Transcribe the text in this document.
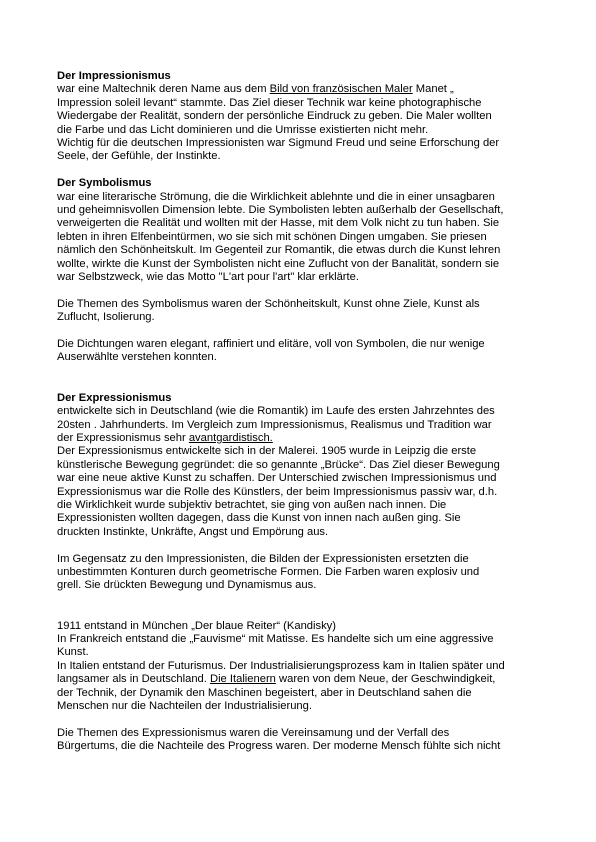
Der Impressionismus
war eine Maltechnik deren Name aus dem Bild von französischen Maler Manet „
Impression soleil levant“ stammte. Das Ziel dieser Technik war keine photographische
Wiedergabe der Realität, sondern der persönliche Eindruck zu geben. Die Maler wollten
die Farbe und das Licht dominieren und die Umrisse existierten nicht mehr.
Wichtig für die deutschen Impressionisten war Sigmund Freud und seine Erforschung der
Seele, der Gefühle, der Instinkte.
Der Symbolismus
war eine literarische Strömung, die die Wirklichkeit ablehnte und die in einer unsagbaren
und geheimnisvollen Dimension lebte. Die Symbolisten lebten außerhalb der Gesellschaft,
verweigerten die Realität und wollten mit der Hasse, mit dem Volk nicht zu tun haben. Sie
lebten in ihren Elfenbeintürmen, wo sie sich mit schönen Dingen umgaben. Sie priesen
nämlich den Schönheitskult. Im Gegenteil zur Romantik, die etwas durch die Kunst lehren
wollte, wirkte die Kunst der Symbolisten nicht eine Zuflucht von der Banalität, sondern sie
war Selbstzweck, wie das Motto "L'art pour l'art" klar erklärte.
Die Themen des Symbolismus waren der Schönheitskult, Kunst ohne Ziele, Kunst als
Zuflucht, Isolierung.
Die Dichtungen waren elegant, raffiniert und elitäre, voll von Symbolen, die nur wenige
Auserwählte verstehen konnten.
Der Expressionismus
entwickelte sich in Deutschland (wie die Romantik) im Laufe des ersten Jahrzehntes des
20sten . Jahrhunderts. Im Vergleich zum Impressionismus, Realismus und Tradition war
der Expressionismus sehr avantgardistisch.
Der Expressionismus entwickelte sich in der Malerei. 1905 wurde in Leipzig die erste
künstlerische Bewegung gegründet: die so genannte „Brücke“. Das Ziel dieser Bewegung
war eine neue aktive Kunst zu schaffen. Der Unterschied zwischen Impressionismus und
Expressionismus war die Rolle des Künstlers, der beim Impressionismus passiv war, d.h.
die Wirklichkeit wurde subjektiv betrachtet, sie ging von außen nach innen. Die
Expressionisten wollten dagegen, dass die Kunst von innen nach außen ging. Sie
druckten Instinkte, Unkräfte, Angst und Empörung aus.
Im Gegensatz zu den Impressionisten, die Bilden der Expressionisten ersetzten die
unbestimmten Konturen durch geometrische Formen. Die Farben waren explosiv und
grell. Sie drückten Bewegung und Dynamismus aus.
1911 entstand in München „Der blaue Reiter“ (Kandisky)
In Frankreich entstand die „Fauvisme“ mit Matisse. Es handelte sich um eine aggressive
Kunst.
In Italien entstand der Futurismus. Der Industrialisierungsprozess kam in Italien später und
langsamer als in Deutschland. Die Italienern waren von dem Neue, der Geschwindigkeit,
der Technik, der Dynamik den Maschinen begeistert, aber in Deutschland sahen die
Menschen nur die Nachteilen der Industrialisierung.
Die Themen des Expressionismus waren die Vereinsamung und der Verfall des
Bürgertums, die die Nachteile des Progress waren. Der moderne Mensch fühlte sich nicht
